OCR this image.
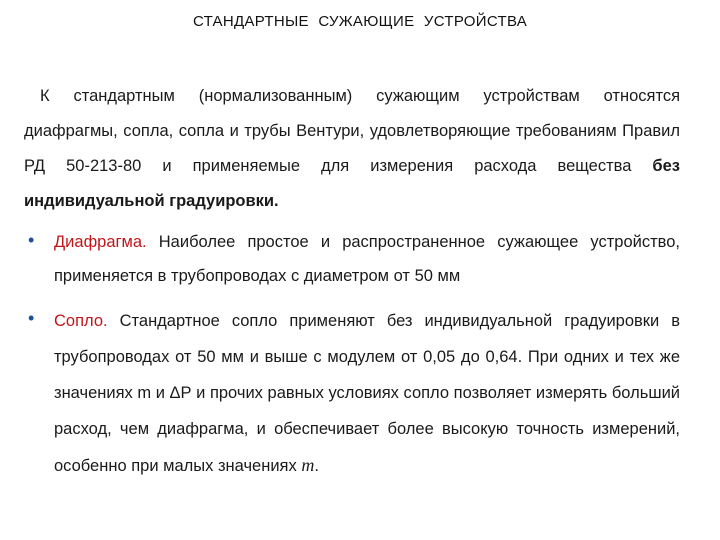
СТАНДАРТНЫЕ СУЖАЮЩИЕ УСТРОЙСТВА

К стандартным (нормализованным) сужающим устройствам относятся диафрагмы, сопла, сопла и трубы Вентури, удовлетворяющие требованиям Правил РД 50-213-80 и применяемые для измерения расхода вещества без индивидуальной градуировки.

• Диафрагма. Наиболее простое и распространенное сужающее устройство, применяется в трубопроводах с диаметром от 50 мм
• Сопло. Стандартное сопло применяют без индивидуальной градуировки в трубопроводах от 50 мм и выше с модулем от 0,05 до 0,64. При одних и тех же значениях m и ΔР и прочих равных условиях сопло позволяет измерять больший расход, чем диафрагма, и обеспечивает более высокую точность измерений, особенно при малых значениях m.
